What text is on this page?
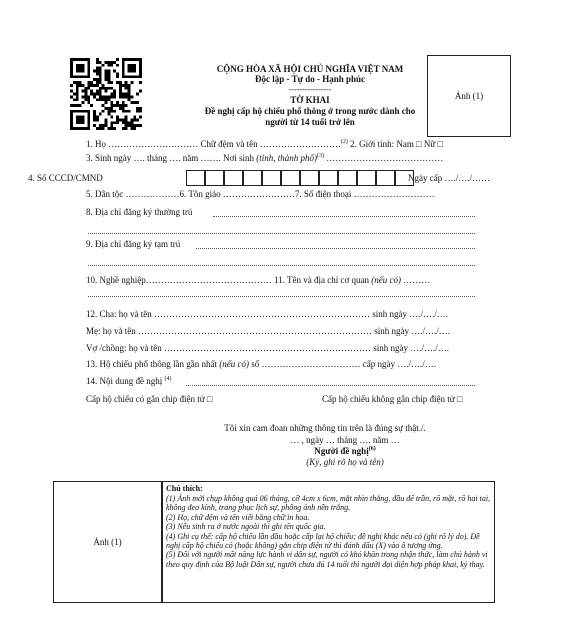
CỘNG HÒA XÃ HỘI CHỦ NGHĨA VIỆT NAM
Độc lập - Tự do - Hạnh phúc
----------------
TỜ KHAI
Đề nghị cấp hộ chiếu phổ thông ở trong nước dành cho
người từ 14 tuổi trở lên
Ảnh (1)
1. Họ ………………………… Chữ đệm và tên ………………………$^{(2)}$ 2. Giới tính: Nam □ Nữ □
3. Sinh ngày …. tháng …. năm ……. Nơi sinh (tỉnh, thành phố)$^{(3)}$ …………………………………
4. Số CCCD/CMND	Ngày cấp …./…./……
5. Dân tộc ………………6. Tôn giáo ……………………7. Số điện thoại ………………………
8. Địa chỉ đăng ký thường trú
9. Địa chỉ đăng ký tạm trú
10. Nghề nghiệp…………………………………… 11. Tên và địa chỉ cơ quan (nếu có) ………
12. Cha: họ và tên ……………………………………………………………… sinh ngày …./…./….
Mẹ: họ và tên …………………………………………………………………… sinh ngày …./…./….
Vợ /chồng: họ và tên …………………………………………………………… sinh ngày …./…./….
13. Hộ chiếu phổ thông lần gần nhất (nếu có) số …………………………… cấp ngày …./…./….
14. Nội dung đề nghị $^{(4)}$
Cấp hộ chiếu có gắn chíp điện tử □	Cấp hộ chiếu không gắn chíp điện tử □
Tôi xin cam đoan những thông tin trên là đúng sự thật./.
… , ngày … tháng …. năm …
Người đề nghị$^{(6)}$
(Ký, ghi rõ họ và tên)
Ảnh (1)
Chú thích:
(1) Ảnh mới chụp không quá 06 tháng, cỡ 4cm x 6cm, mặt nhìn thẳng, đầu để trần, rõ mặt, rõ hai tai, không đeo kính, trang phục lịch sự, phông ảnh nền trắng.
(2) Họ, chữ đệm và tên viết bằng chữ in hoa.
(3) Nếu sinh ra ở nước ngoài thì ghi tên quốc gia.
(4) Ghi cụ thể: cấp hộ chiếu lần đầu hoặc cấp lại hộ chiếu; đề nghị khác nếu có (ghi rõ lý do). Đề nghị cấp hộ chiếu có (hoặc không) gắn chip điện tử thì đánh dấu (X) vào ô tương ứng.
(5) Đối với người mất năng lực hành vi dân sự, người có khó khăn trong nhận thức, làm chủ hành vi theo quy định của Bộ luật Dân sự, người chưa đủ 14 tuổi thì người đại diện hợp pháp khai, ký thay.
